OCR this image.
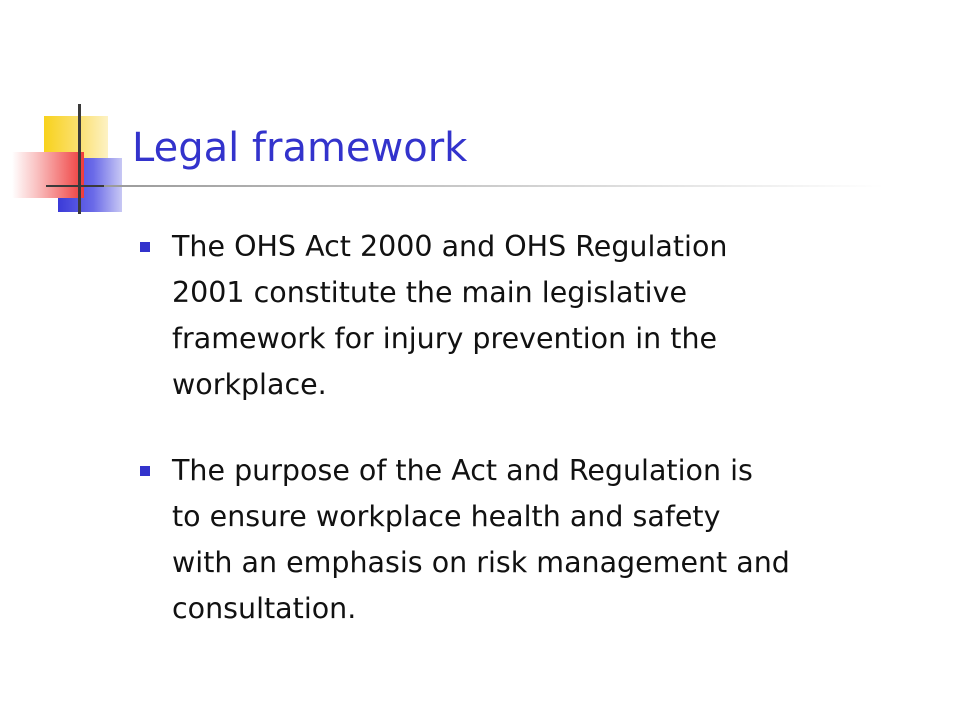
Legal framework
The OHS Act 2000 and OHS Regulation
2001 constitute the main legislative
framework for injury prevention in the
workplace.
The purpose of the Act and Regulation is
to ensure workplace health and safety
with an emphasis on risk management and
consultation.
